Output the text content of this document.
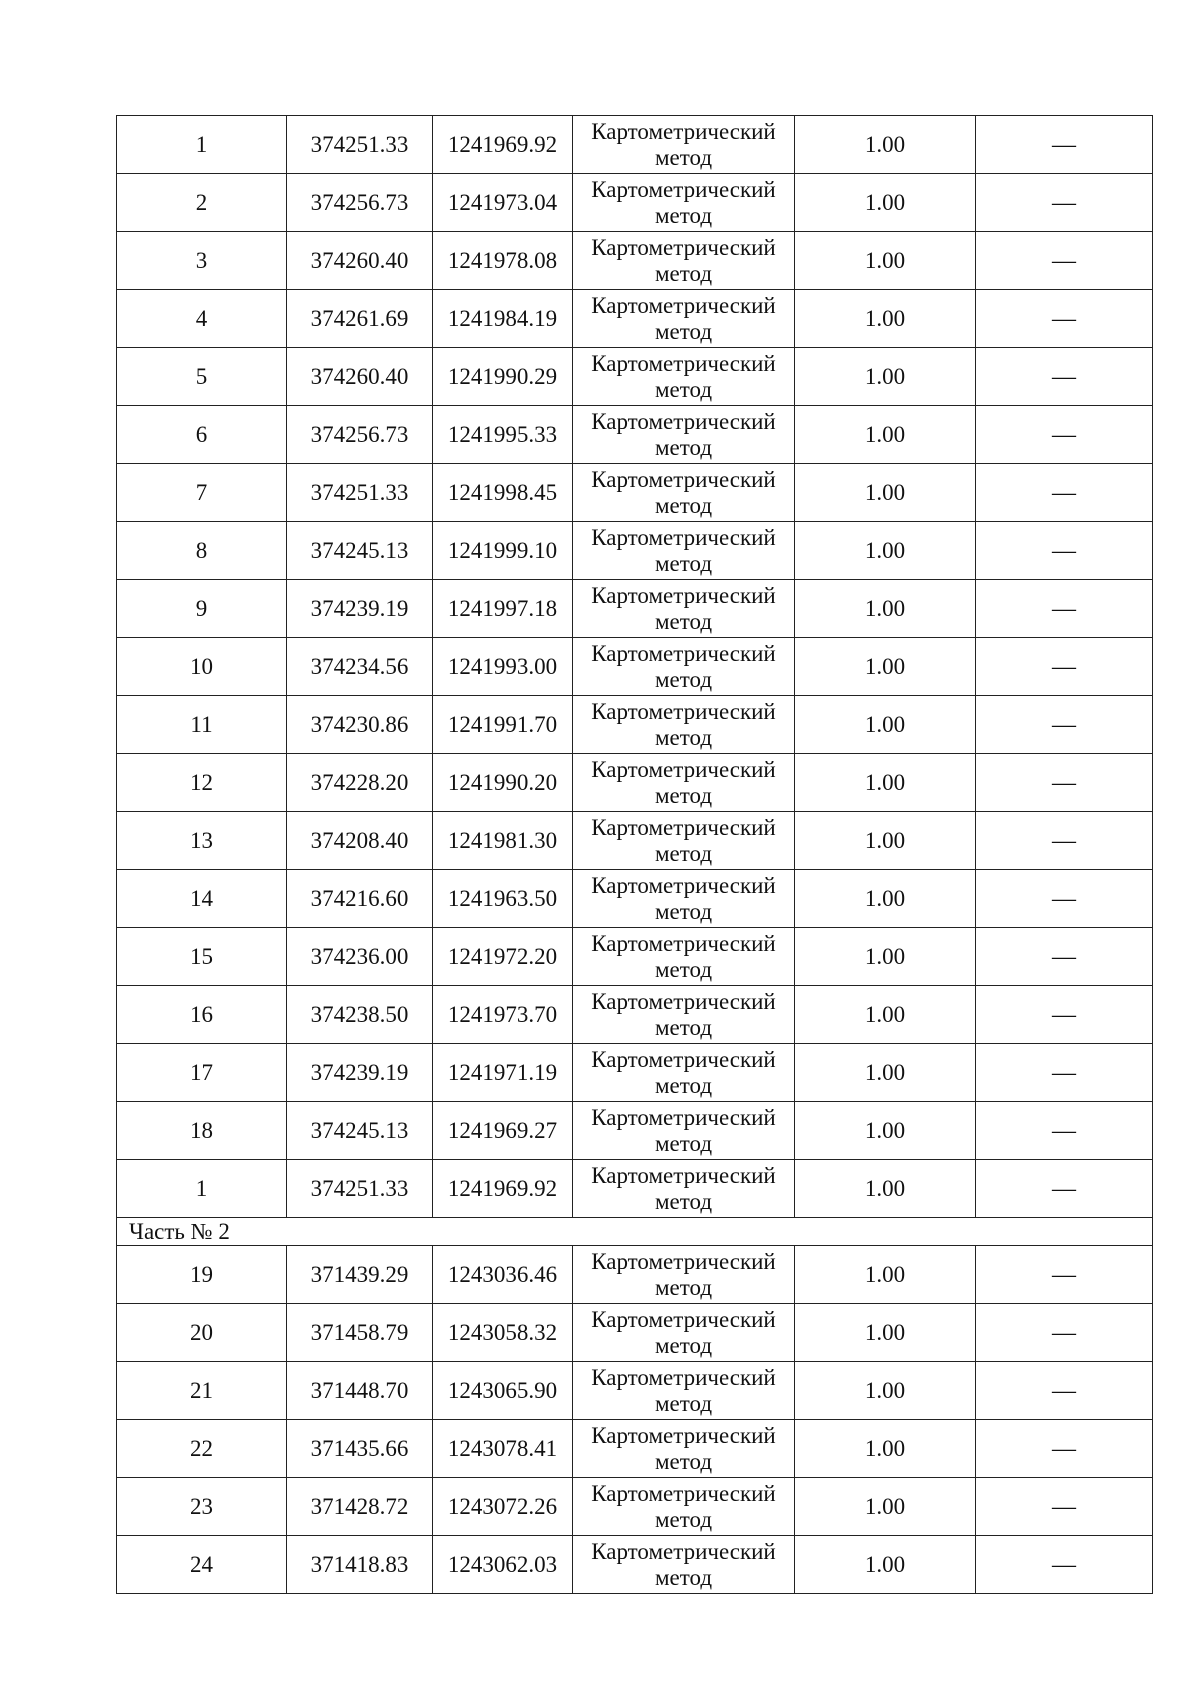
1	374251.33	1241969.92	Картометрический метод	1.00	—
2	374256.73	1241973.04	Картометрический метод	1.00	—
3	374260.40	1241978.08	Картометрический метод	1.00	—
4	374261.69	1241984.19	Картометрический метод	1.00	—
5	374260.40	1241990.29	Картометрический метод	1.00	—
6	374256.73	1241995.33	Картометрический метод	1.00	—
7	374251.33	1241998.45	Картометрический метод	1.00	—
8	374245.13	1241999.10	Картометрический метод	1.00	—
9	374239.19	1241997.18	Картометрический метод	1.00	—
10	374234.56	1241993.00	Картометрический метод	1.00	—
11	374230.86	1241991.70	Картометрический метод	1.00	—
12	374228.20	1241990.20	Картометрический метод	1.00	—
13	374208.40	1241981.30	Картометрический метод	1.00	—
14	374216.60	1241963.50	Картометрический метод	1.00	—
15	374236.00	1241972.20	Картометрический метод	1.00	—
16	374238.50	1241973.70	Картометрический метод	1.00	—
17	374239.19	1241971.19	Картометрический метод	1.00	—
18	374245.13	1241969.27	Картометрический метод	1.00	—
1	374251.33	1241969.92	Картометрический метод	1.00	—
Часть № 2					
19	371439.29	1243036.46	Картометрический метод	1.00	—
20	371458.79	1243058.32	Картометрический метод	1.00	—
21	371448.70	1243065.90	Картометрический метод	1.00	—
22	371435.66	1243078.41	Картометрический метод	1.00	—
23	371428.72	1243072.26	Картометрический метод	1.00	—
24	371418.83	1243062.03	Картометрический метод	1.00	—
